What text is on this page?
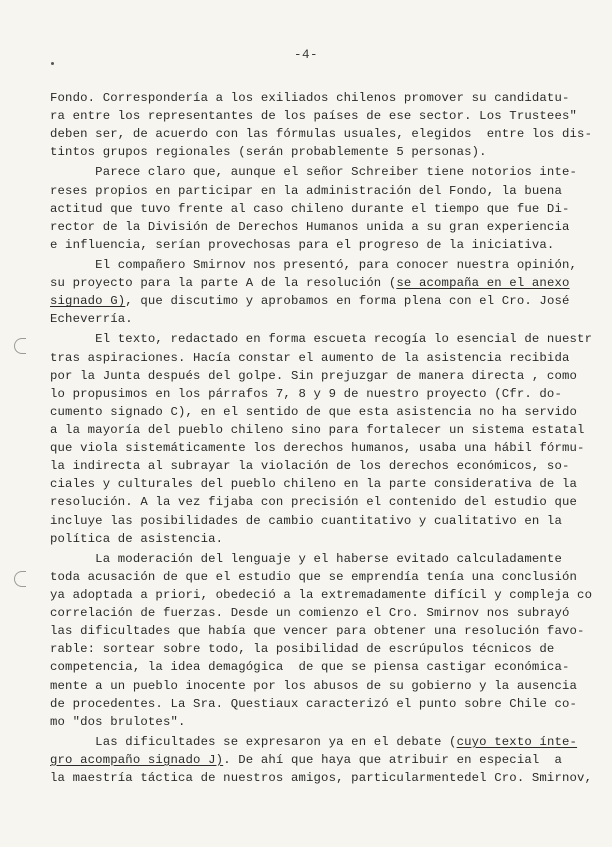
-4-
Fondo. Correspondería a los exiliados chilenos promover su candidatu-
ra entre los representantes de los países de ese sector. Los Trustees"
deben ser, de acuerdo con las fórmulas usuales, elegidos  entre los dis-
tintos grupos regionales (serán probablemente 5 personas).
Parece claro que, aunque el señor Schreiber tiene notorios inte-
reses propios en participar en la administración del Fondo, la buena
actitud que tuvo frente al caso chileno durante el tiempo que fue Di-
rector de la División de Derechos Humanos unida a su gran experiencia
e influencia, serían provechosas para el progreso de la iniciativa.
El compañero Smirnov nos presentó, para conocer nuestra opinión,
su proyecto para la parte A de la resolución (se acompaña en el anexo
signado G), que discutimo y aprobamos en forma plena con el Cro. José
Echeverría.
El texto, redactado en forma escueta recogía lo esencial de nuestr
tras aspiraciones. Hacía constar el aumento de la asistencia recibida
por la Junta después del golpe. Sin prejuzgar de manera directa , como
lo propusimos en los párrafos 7, 8 y 9 de nuestro proyecto (Cfr. do-
cumento signado C), en el sentido de que esta asistencia no ha servido
a la mayoría del pueblo chileno sino para fortalecer un sistema estatal
que viola sistemáticamente los derechos humanos, usaba una hábil fórmu-
la indirecta al subrayar la violación de los derechos económicos, so-
ciales y culturales del pueblo chileno en la parte considerativa de la
resolución. A la vez fijaba con precisión el contenido del estudio que
incluye las posibilidades de cambio cuantitativo y cualitativo en la
política de asistencia.
La moderación del lenguaje y el haberse evitado calculadamente
toda acusación de que el estudio que se emprendía tenía una conclusión
ya adoptada a priori, obedeció a la extremadamente difícil y compleja co
correlación de fuerzas. Desde un comienzo el Cro. Smirnov nos subrayó
las dificultades que había que vencer para obtener una resolución favo-
rable: sortear sobre todo, la posibilidad de escrúpulos técnicos de
competencia, la idea demagógica  de que se piensa castigar económica-
mente a un pueblo inocente por los abusos de su gobierno y la ausencia
de procedentes. La Sra. Questiaux caracterizó el punto sobre Chile co-
mo "dos brulotes".
Las dificultades se expresaron ya en el debate (cuyo texto ínte-
gro acompaño signado J). De ahí que haya que atribuir en especial  a
la maestría táctica de nuestros amigos, particularmentedel Cro. Smirnov,
